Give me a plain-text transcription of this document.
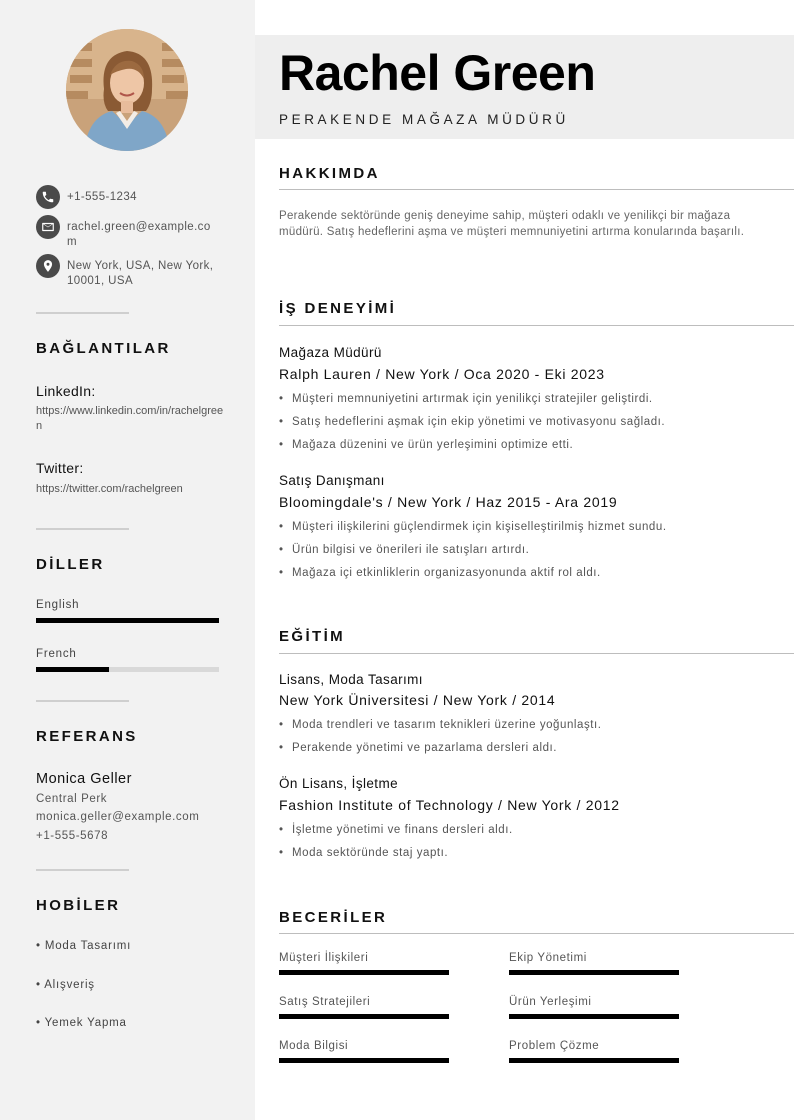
+1-555-1234
rachel.green@example.com
New York, USA, New York, 10001, USA
BAĞLANTILAR
LinkedIn:
https://www.linkedin.com/in/rachelgreen
Twitter:
https://twitter.com/rachelgreen
DİLLER
English
French
REFERANS
Monica Geller
Central Perk
monica.geller@example.com
+1-555-5678
HOBİLER
• Moda Tasarımı
• Alışveriş
• Yemek Yapma
Rachel Green
PERAKENDE MAĞAZA MÜDÜRÜ
HAKKIMDA
Perakende sektöründe geniş deneyime sahip, müşteri odaklı ve yenilikçi bir mağaza müdürü. Satış hedeflerini aşma ve müşteri memnuniyetini artırma konularında başarılı.
İŞ DENEYİMİ
Mağaza Müdürü
Ralph Lauren / New York / Oca 2020 - Eki 2023
• Müşteri memnuniyetini artırmak için yenilikçi stratejiler geliştirdi.
• Satış hedeflerini aşmak için ekip yönetimi ve motivasyonu sağladı.
• Mağaza düzenini ve ürün yerleşimini optimize etti.
Satış Danışmanı
Bloomingdale's / New York / Haz 2015 - Ara 2019
• Müşteri ilişkilerini güçlendirmek için kişiselleştirilmiş hizmet sundu.
• Ürün bilgisi ve önerileri ile satışları artırdı.
• Mağaza içi etkinliklerin organizasyonunda aktif rol aldı.
EĞİTİM
Lisans, Moda Tasarımı
New York Üniversitesi / New York / 2014
• Moda trendleri ve tasarım teknikleri üzerine yoğunlaştı.
• Perakende yönetimi ve pazarlama dersleri aldı.
Ön Lisans, İşletme
Fashion Institute of Technology / New York / 2012
• İşletme yönetimi ve finans dersleri aldı.
• Moda sektöründe staj yaptı.
BECERİLER
Müşteri İlişkileri	Ekip Yönetimi
Satış Stratejileri	Ürün Yerleşimi
Moda Bilgisi	Problem Çözme
